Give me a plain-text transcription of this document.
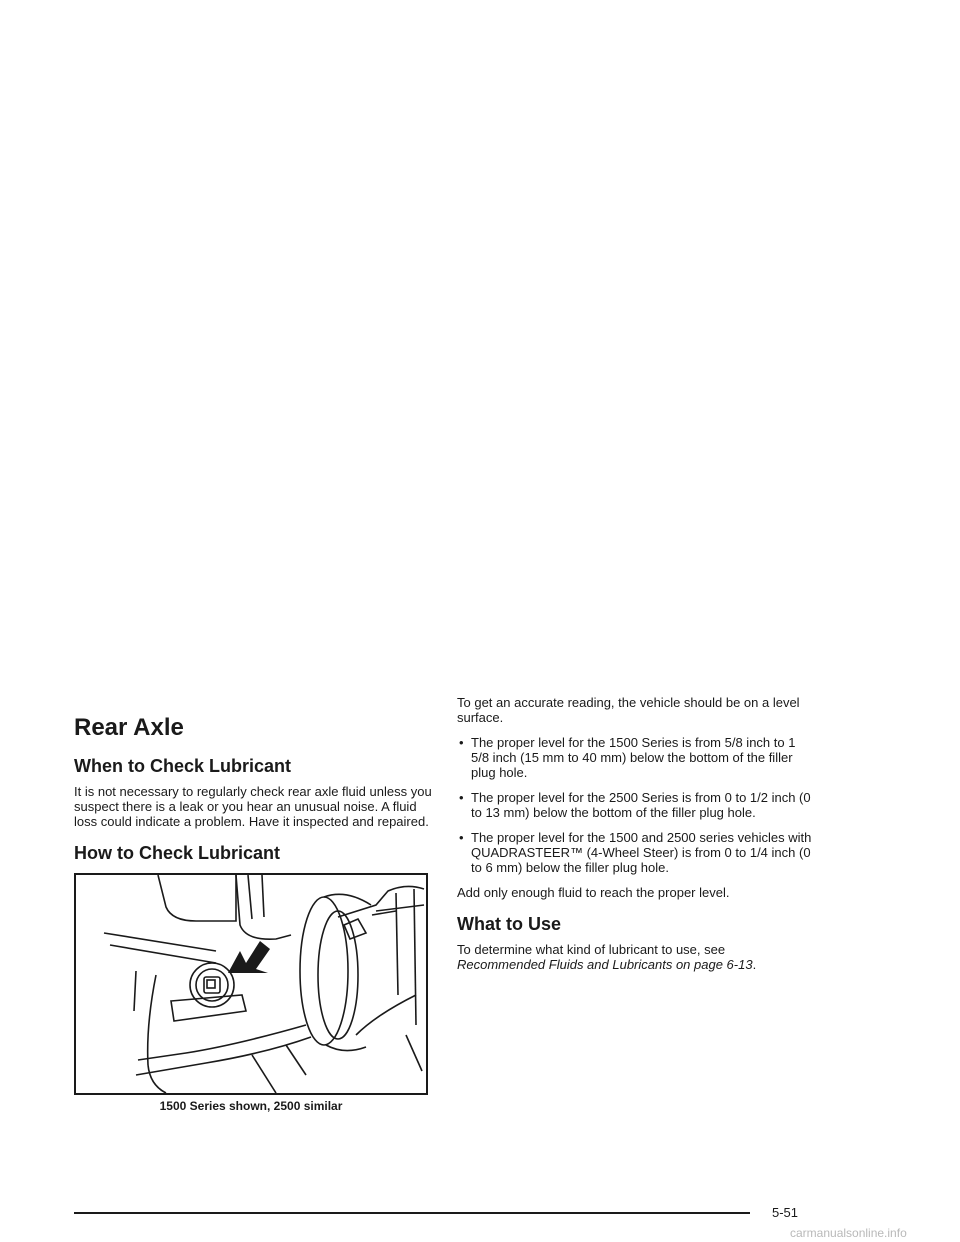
Rear Axle
When to Check Lubricant

It is not necessary to regularly check rear axle fluid unless you suspect there is a leak or you hear an unusual noise. A fluid loss could indicate a problem. Have it inspected and repaired.

How to Check Lubricant
1500 Series shown, 2500 similar

To get an accurate reading, the vehicle should be on a level surface.

• The proper level for the 1500 Series is from 5/8 inch to 1 5/8 inch (15 mm to 40 mm) below the bottom of the filler plug hole.
• The proper level for the 2500 Series is from 0 to 1/2 inch (0 to 13 mm) below the bottom of the filler plug hole.
• The proper level for the 1500 and 2500 series vehicles with QUADRASTEER™ (4-Wheel Steer) is from 0 to 1/4 inch (0 to 6 mm) below the filler plug hole.

Add only enough fluid to reach the proper level.

What to Use

To determine what kind of lubricant to use, see
Recommended Fluids and Lubricants on page 6-13.

5-51
carmanualsonline.info
